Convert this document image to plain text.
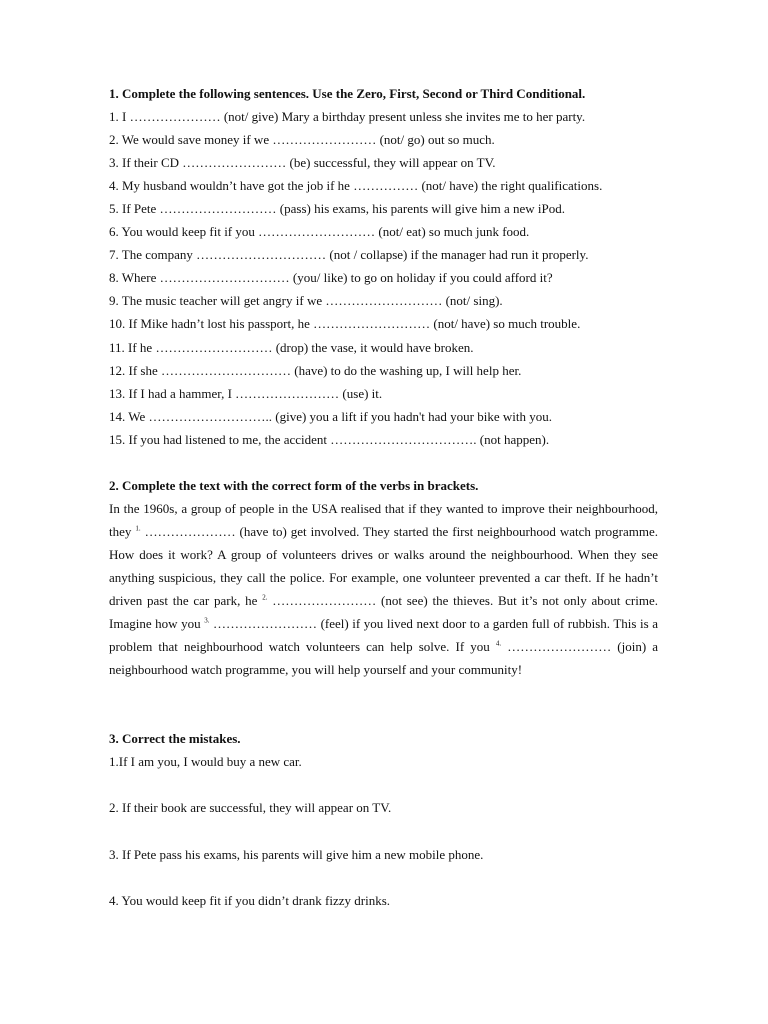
1. Complete the following sentences. Use the Zero, First, Second or Third Conditional.
1. I ………………… (not/ give) Mary a birthday present unless she invites me to her party.
2. We would save money if we …………………… (not/ go) out so much.
3. If their CD …………………… (be) successful, they will appear on TV.
4. My husband wouldn’t have got the job if he …………… (not/ have) the right qualifications.
5. If Pete ……………………… (pass) his exams, his parents will give him a new iPod.
6. You would keep fit if you ……………………… (not/ eat) so much junk food.
7. The company ………………………… (not / collapse) if the manager had run it properly.
8. Where ………………………… (you/ like) to go on holiday if you could afford it?
9. The music teacher will get angry if we ……………………… (not/ sing).
10. If Mike hadn’t lost his passport, he ……………………… (not/ have) so much trouble.
11. If he ……………………… (drop) the vase, it would have broken.
12. If she ………………………… (have) to do the washing up, I will help her.
13. If I had a hammer, I …………………… (use) it.
14. We ……………………….. (give) you a lift if you hadn't had your bike with you.
15. If you had listened to me, the accident ……………………………. (not happen).
2. Complete the text with the correct form of the verbs in brackets.

In the 1960s, a group of people in the USA realised that if they wanted to improve their neighbourhood, they $^{1.}$ ………………… (have to) get involved. They started the first neighbourhood watch programme. How does it work? A group of volunteers drives or walks around the neighbourhood. When they see anything suspicious, they call the police. For example, one volunteer prevented a car theft. If he hadn’t driven past the car park, he $^{2.}$ …………………… (not see) the thieves. But it’s not only about crime. Imagine how you $^{3.}$ …………………… (feel) if you lived next door to a garden full of rubbish. This is a problem that neighbourhood watch volunteers can help solve. If you $^{4.}$ …………………… (join) a neighbourhood watch programme, you will help yourself and your community!

3. Correct the mistakes.
1.If I am you, I would buy a new car.
2. If their book are successful, they will appear on TV.
3. If Pete pass his exams, his parents will give him a new mobile phone.
4. You would keep fit if you didn’t drank fizzy drinks.
